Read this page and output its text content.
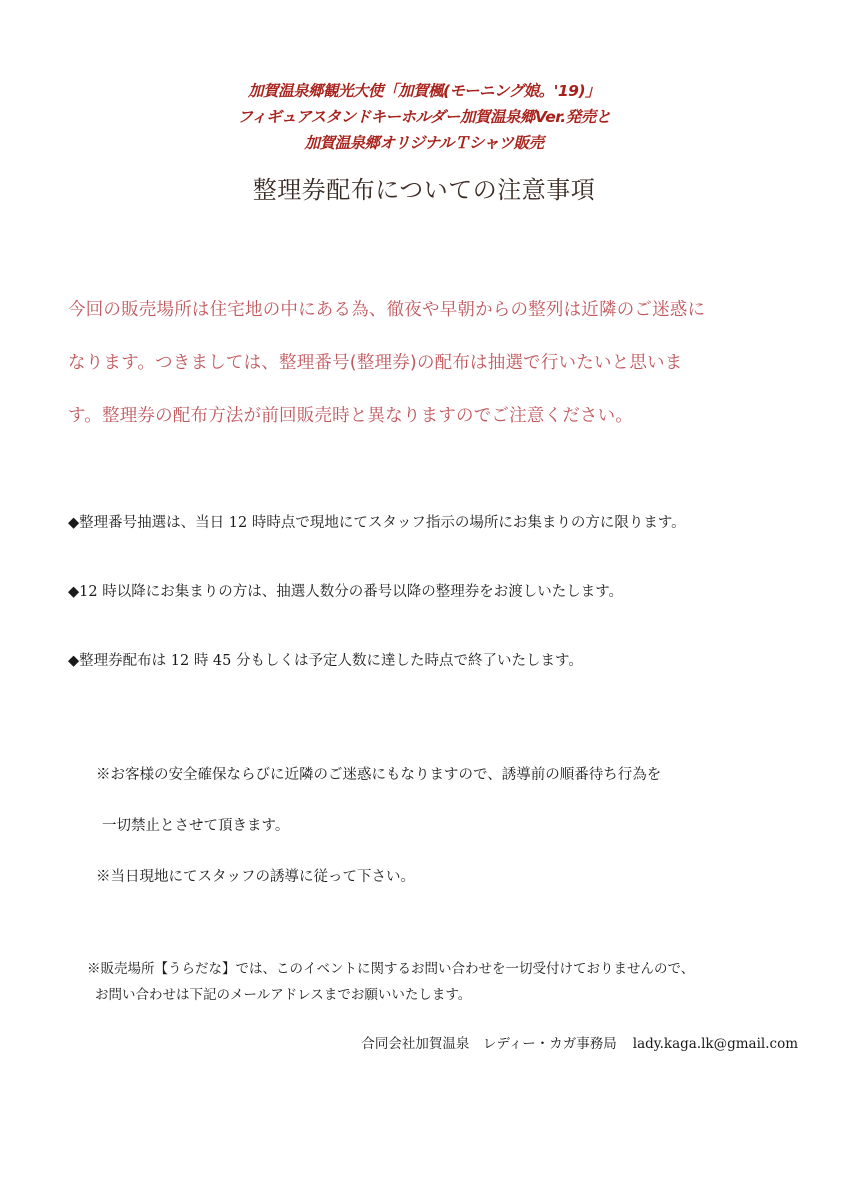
加賀温泉郷観光大使「加賀楓(モーニング娘。'19)」
フィギュアスタンドキーホルダー加賀温泉郷Ver.発売と
加賀温泉郷オリジナルＴシャツ販売
整理券配布についての注意事項
今回の販売場所は住宅地の中にある為、徹夜や早朝からの整列は近隣のご迷惑に
なります。つきましては、整理番号(整理券)の配布は抽選で行いたいと思いま
す。整理券の配布方法が前回販売時と異なりますのでご注意ください。
◆整理番号抽選は、当日 12 時時点で現地にてスタッフ指示の場所にお集まりの方に限ります。
◆12 時以降にお集まりの方は、抽選人数分の番号以降の整理券をお渡しいたします。
◆整理券配布は 12 時 45 分もしくは予定人数に達した時点で終了いたします。
※お客様の安全確保ならびに近隣のご迷惑にもなりますので、誘導前の順番待ち行為を
一切禁止とさせて頂きます。
※当日現地にてスタッフの誘導に従って下さい。
※販売場所【うらだな】では、このイベントに関するお問い合わせを一切受付けておりませんので、
お問い合わせは下記のメールアドレスまでお願いいたします。
合同会社加賀温泉　レディー・カガ事務局 lady.kaga.lk@gmail.com
